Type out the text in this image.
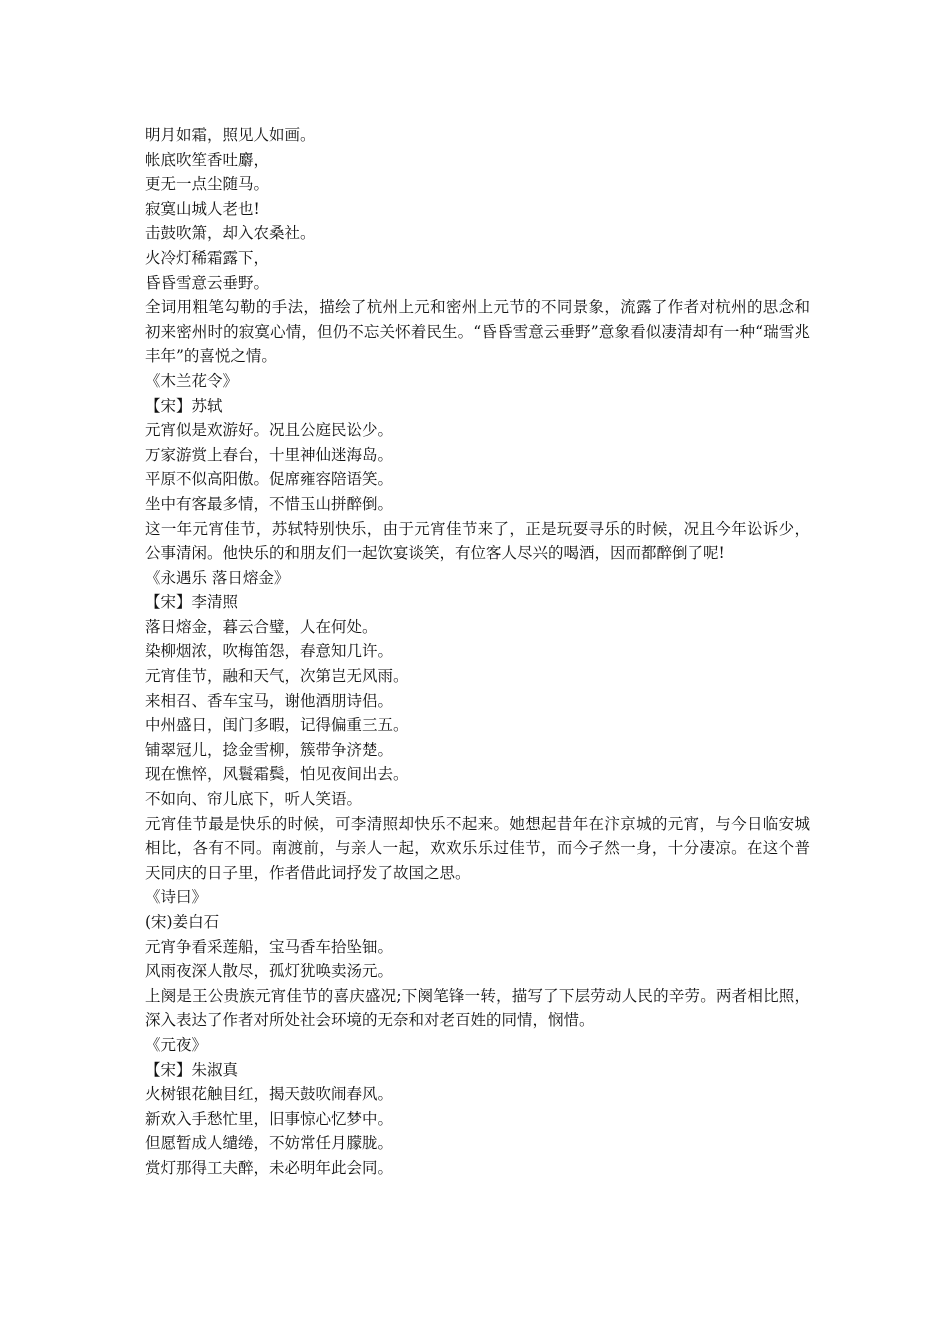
明月如霜，照见人如画。
帐底吹笙香吐麝，
更无一点尘随马。
寂寞山城人老也!
击鼓吹箫，却入农桑社。
火冷灯稀霜露下，
昏昏雪意云垂野。
全词用粗笔勾勒的手法，描绘了杭州上元和密州上元节的不同景象，流露了作者对杭州的思念和初来密州时的寂寞心情，但仍不忘关怀着民生。“昏昏雪意云垂野”意象看似凄清却有一种“瑞雪兆丰年”的喜悦之情。
《木兰花令》
【宋】苏轼
元宵似是欢游好。况且公庭民讼少。
万家游赏上春台，十里神仙迷海岛。
平原不似高阳傲。促席雍容陪语笑。
坐中有客最多情，不惜玉山拼醉倒。
这一年元宵佳节，苏轼特别快乐，由于元宵佳节来了，正是玩耍寻乐的时候，况且今年讼诉少，公事清闲。他快乐的和朋友们一起饮宴谈笑，有位客人尽兴的喝酒，因而都醉倒了呢!
《永遇乐 落日熔金》
【宋】李清照
落日熔金，暮云合璧，人在何处。
染柳烟浓，吹梅笛怨，春意知几许。
元宵佳节，融和天气，次第岂无风雨。
来相召、香车宝马，谢他酒朋诗侣。
中州盛日，闺门多暇，记得偏重三五。
铺翠冠儿，捻金雪柳，簇带争济楚。
现在憔悴，风鬟霜鬓，怕见夜间出去。
不如向、帘儿底下，听人笑语。
元宵佳节最是快乐的时候，可李清照却快乐不起来。她想起昔年在汴京城的元宵，与今日临安城相比，各有不同。南渡前，与亲人一起，欢欢乐乐过佳节，而今孑然一身，十分凄凉。在这个普天同庆的日子里，作者借此词抒发了故国之思。
《诗曰》
(宋)姜白石
元宵争看采莲船，宝马香车拾坠钿。
风雨夜深人散尽，孤灯犹唤卖汤元。
上阕是王公贵族元宵佳节的喜庆盛况;下阕笔锋一转，描写了下层劳动人民的辛劳。两者相比照，深入表达了作者对所处社会环境的无奈和对老百姓的同情，悯惜。
《元夜》
【宋】朱淑真
火树银花触目红，揭天鼓吹闹春风。
新欢入手愁忙里，旧事惊心忆梦中。
但愿暂成人缱绻，不妨常任月朦胧。
赏灯那得工夫醉，未必明年此会同。
